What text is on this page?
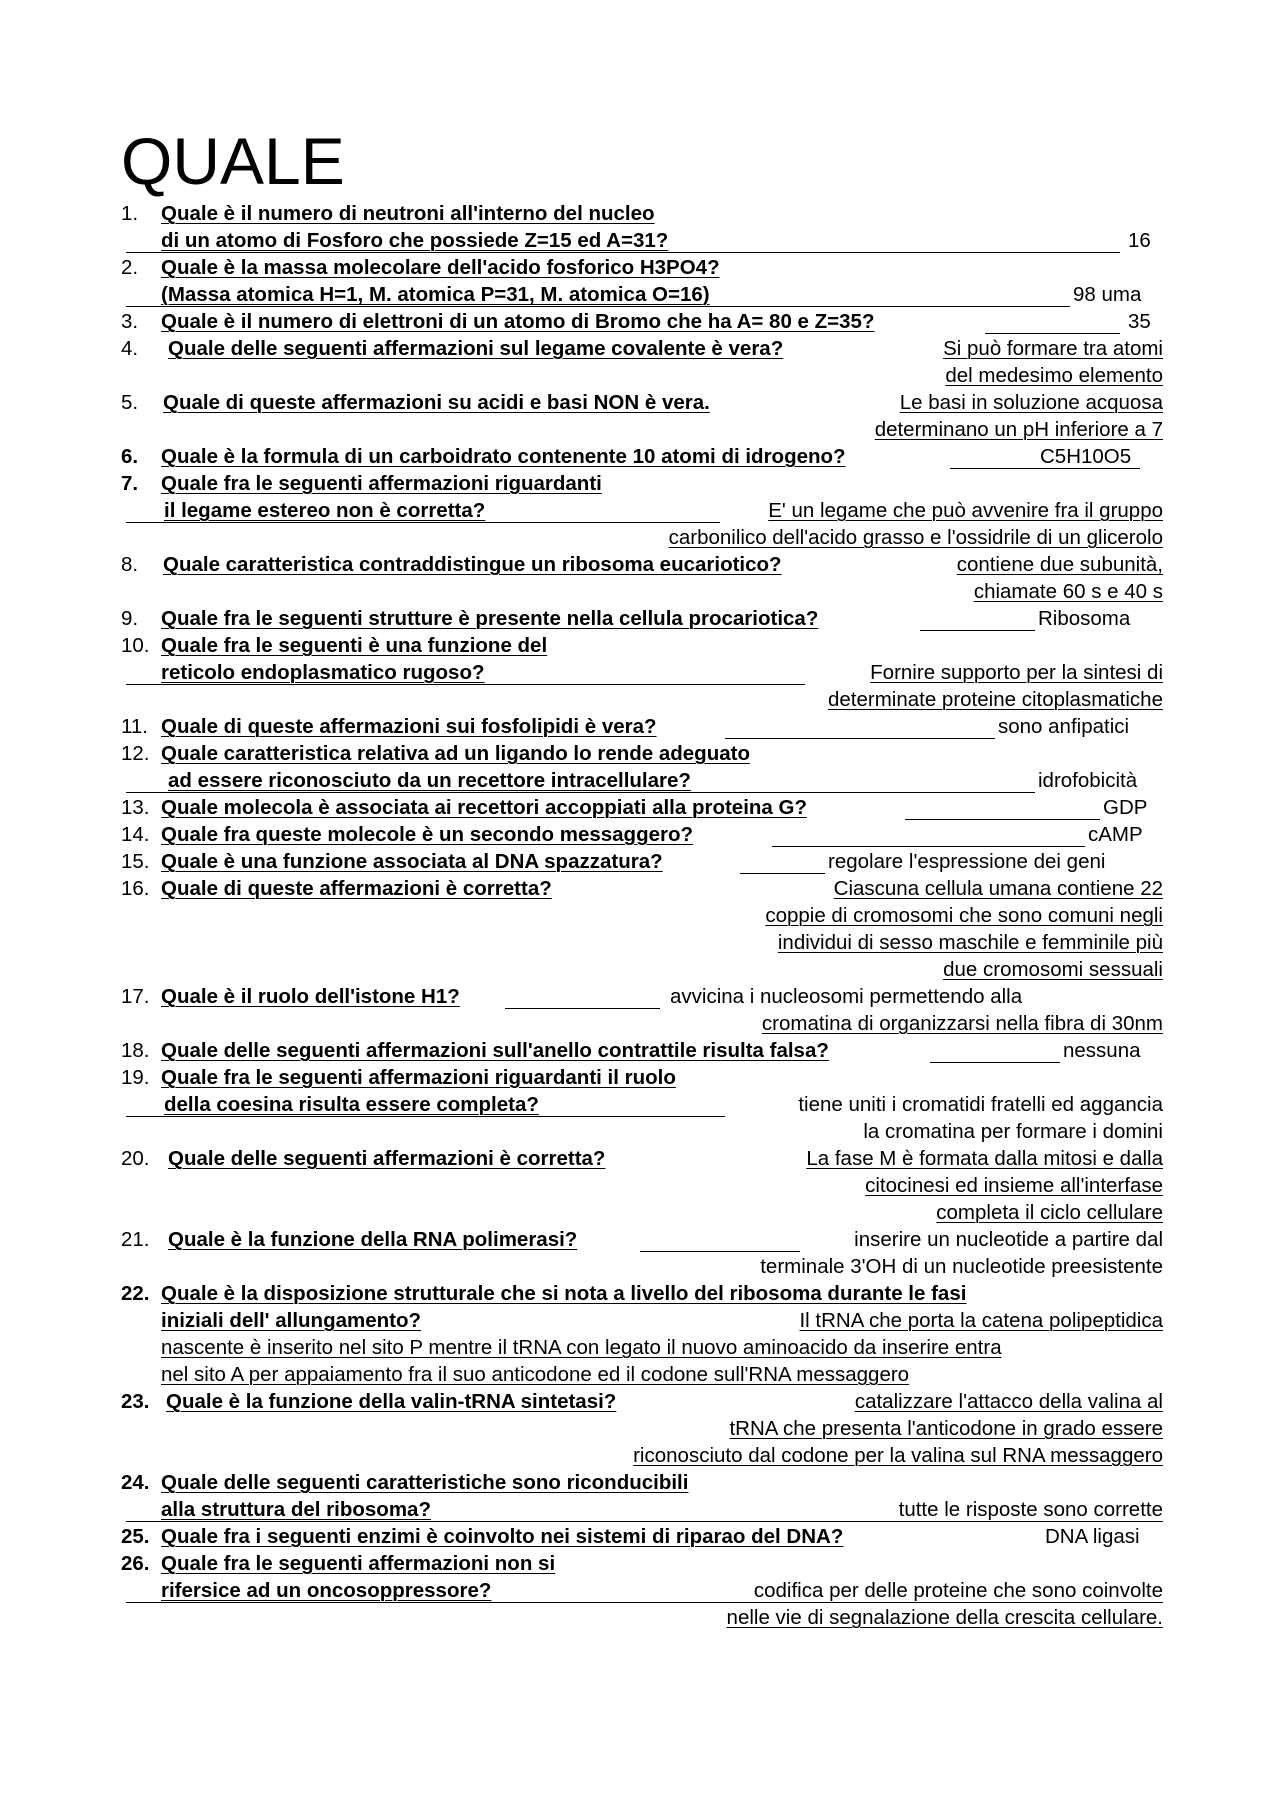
QUALE
1. Quale è il numero di neutroni all'interno del nucleo
di un atomo di Fosforo che possiede Z=15 ed A=31?	16
2. Quale è la massa molecolare dell'acido fosforico H3PO4?
(Massa atomica H=1, M. atomica P=31, M. atomica O=16)	98 uma
3. Quale è il numero di elettroni di un atomo di Bromo che ha A= 80 e Z=35?	35
4. Quale delle seguenti affermazioni sul legame covalente è vera?	Si può formare tra atomi
del medesimo elemento
5. Quale di queste affermazioni su acidi e basi NON è vera.	Le basi in soluzione acquosa
determinano un pH inferiore a 7
6. Quale è la formula di un carboidrato contenente 10 atomi di idrogeno?	C5H10O5
7. Quale fra le seguenti affermazioni riguardanti
il legame estereo non è corretta?	E' un legame che può avvenire fra il gruppo
carbonilico dell'acido grasso e l'ossidrile di un glicerolo
8. Quale caratteristica contraddistingue un ribosoma eucariotico?	contiene due subunità,
chiamate 60 s e 40 s
9. Quale fra le seguenti strutture è presente nella cellula procariotica?	Ribosoma
10. Quale fra le seguenti è una funzione del
reticolo endoplasmatico rugoso?	Fornire supporto per la sintesi di
determinate proteine citoplasmatiche
11. Quale di queste affermazioni sui fosfolipidi è vera?	sono anfipatici
12. Quale caratteristica relativa ad un ligando lo rende adeguato
ad essere riconosciuto da un recettore intracellulare?	idrofobicità
13. Quale molecola è associata ai recettori accoppiati alla proteina G?	GDP
14. Quale fra queste molecole è un secondo messaggero?	cAMP
15. Quale è una funzione associata al DNA spazzatura?	regolare l'espressione dei geni
16. Quale di queste affermazioni è corretta?	Ciascuna cellula umana contiene 22
coppie di cromosomi che sono comuni negli
individui di sesso maschile e femminile più
due cromosomi sessuali
17. Quale è il ruolo dell'istone H1?	avvicina i nucleosomi permettendo alla
cromatina di organizzarsi nella fibra di 30nm
18. Quale delle seguenti affermazioni sull'anello contrattile risulta falsa?	nessuna
19. Quale fra le seguenti affermazioni riguardanti il ruolo
della coesina risulta essere completa?	tiene uniti i cromatidi fratelli ed aggancia
la cromatina per formare i domini
20. Quale delle seguenti affermazioni è corretta?	La fase M è formata dalla mitosi e dalla
citocinesi ed insieme all'interfase
completa il ciclo cellulare
21. Quale è la funzione della RNA polimerasi?	inserire un nucleotide a partire dal
terminale 3'OH di un nucleotide preesistente
22. Quale è la disposizione strutturale che si nota a livello del ribosoma durante le fasi
iniziali dell' allungamento?	Il tRNA che porta la catena polipeptidica
nascente è inserito nel sito P mentre il tRNA con legato il nuovo aminoacido da inserire entra
nel sito A per appaiamento fra il suo anticodone ed il codone sull'RNA messaggero
23. Quale è la funzione della valin-tRNA sintetasi?	catalizzare l'attacco della valina al
tRNA che presenta l'anticodone in grado essere
riconosciuto dal codone per la valina sul RNA messaggero
24. Quale delle seguenti caratteristiche sono riconducibili
alla struttura del ribosoma?	tutte le risposte sono corrette
25. Quale fra i seguenti enzimi è coinvolto nei sistemi di riparao del DNA?	DNA ligasi
26. Quale fra le seguenti affermazioni non si
rifersice ad un oncosoppressore?	codifica per delle proteine che sono coinvolte
nelle vie di segnalazione della crescita cellulare.
